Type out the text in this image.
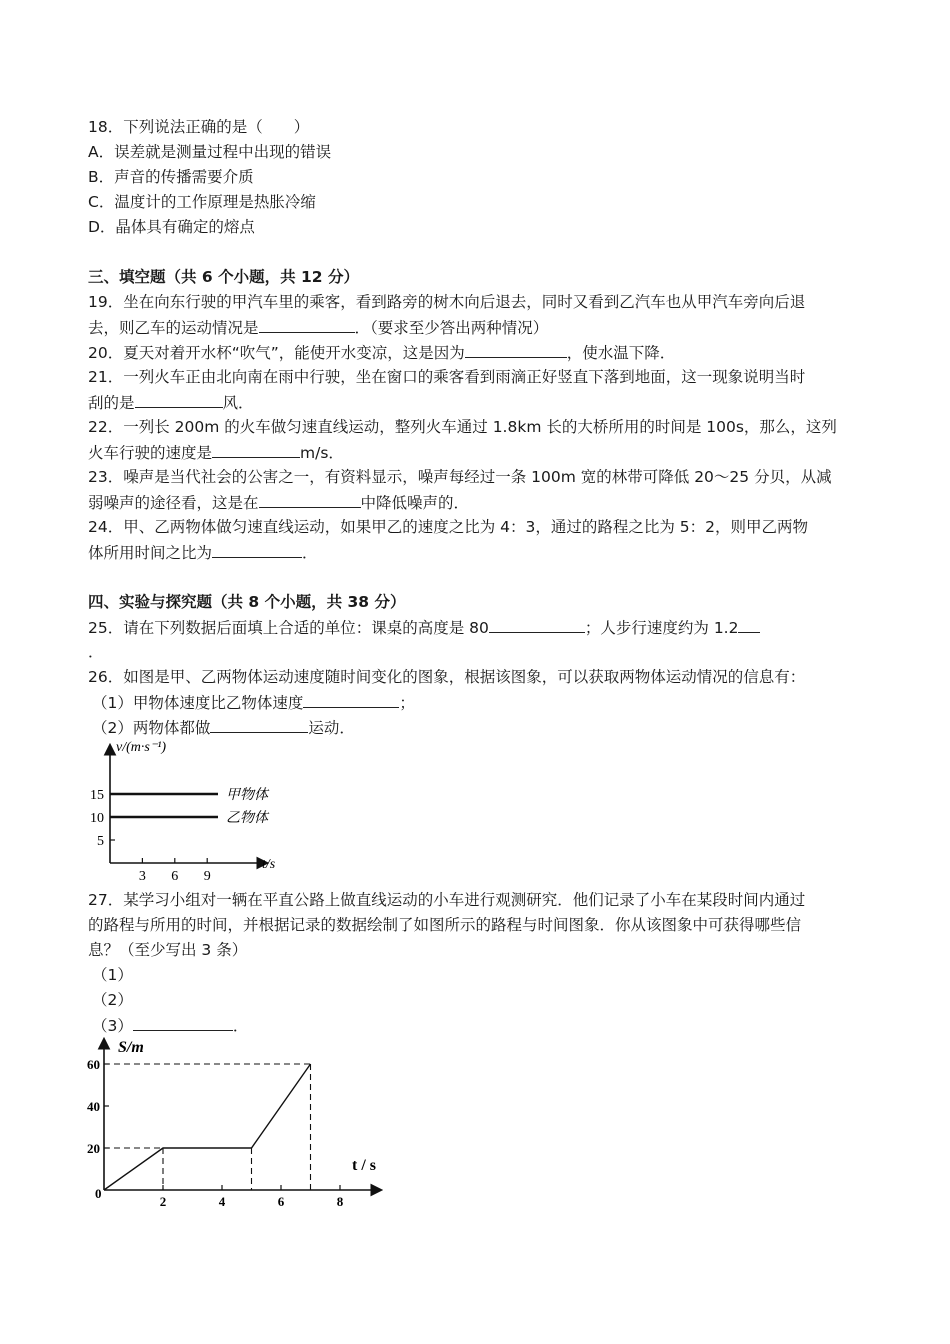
18．下列说法正确的是（　　）
A．误差就是测量过程中出现的错误
B．声音的传播需要介质
C．温度计的工作原理是热胀冷缩
D．晶体具有确定的熔点
三、填空题（共 6 个小题，共 12 分）
19．坐在向东行驶的甲汽车里的乘客，看到路旁的树木向后退去，同时又看到乙汽车也从甲汽车旁向后退
去，则乙车的运动情况是	．（要求至少答出两种情况）
20．夏天对着开水杯“吹气”，能使开水变凉，这是因为	，使水温下降．
21．一列火车正由北向南在雨中行驶，坐在窗口的乘客看到雨滴正好竖直下落到地面，这一现象说明当时
刮的是	风．
22．一列长 200m 的火车做匀速直线运动，整列火车通过 1.8km 长的大桥所用的时间是 100s，那么，这列
火车行驶的速度是	m/s．
23．噪声是当代社会的公害之一，有资料显示，噪声每经过一条 100m 宽的林带可降低 20～25 分贝，从减
弱噪声的途径看，这是在	中降低噪声的．
24．甲、乙两物体做匀速直线运动，如果甲乙的速度之比为 4：3，通过的路程之比为 5：2，则甲乙两物
体所用时间之比为	．
四、实验与探究题（共 8 个小题，共 38 分）
25．请在下列数据后面填上合适的单位：课桌的高度是 80	；人步行速度约为 1.2
．
26．如图是甲、乙两物体运动速度随时间变化的图象，根据该图象，可以获取两物体运动情况的信息有：
（1）甲物体速度比乙物体速度	；
（2）两物体都做	运动．
v/(m·s⁻¹)
t/s
5
10
15
3 6 9
甲物体
乙物体
27．某学习小组对一辆在平直公路上做直线运动的小车进行观测研究．他们记录了小车在某段时间内通过
的路程与所用的时间，并根据记录的数据绘制了如图所示的路程与时间图象．你从该图象中可获得哪些信
息？（至少写出 3 条）
（1）
（2）
（3）	．
S/m
t / s
0
20
40
60
2	4	6	8
